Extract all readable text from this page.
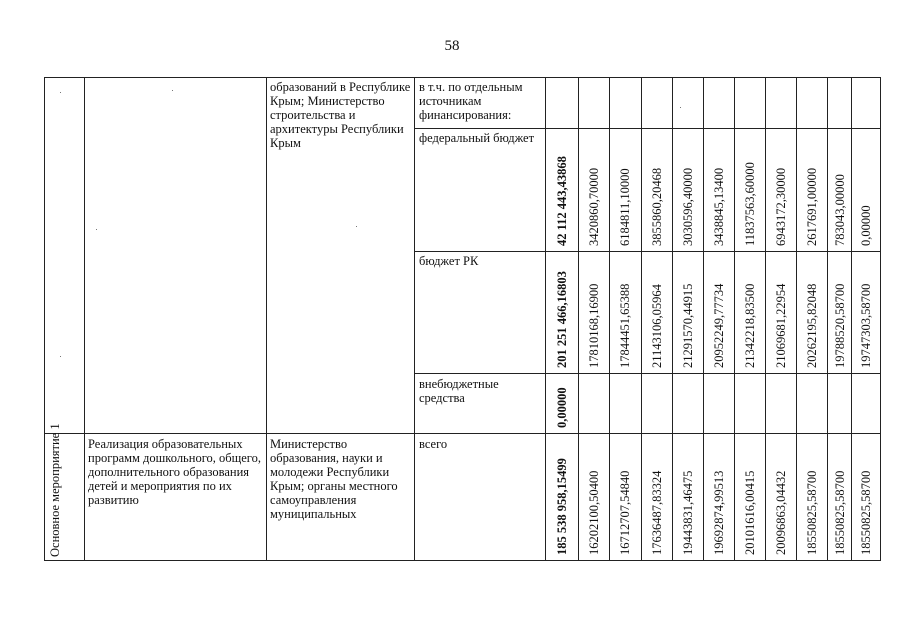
58
образований в Республике Крым; Министерство строительства и архитектуры Республики Крым
в т.ч. по отдельным источникам финансирования:
федеральный бюджет
бюджет РК
внебюджетные средства
Основное мероприятие 1 Реализация образовательных программ дошкольного, общего, дополнительного образования детей и мероприятия по их развитию
Министерство образования, науки и молодежи Республики Крым; органы местного самоуправления муниципальных
всего
42 112 443,43868 3420860,70000 6184811,10000 3855860,20468 3030596,40000 3438845,13400 11837563,60000 6943172,30000 2617691,00000 783043,00000 0,00000
201 251 466,16803 17810168,16900 17844451,65388 21143106,05964 21291570,44915 20952249,77734 21342218,83500 21069681,22954 20262195,82048 19788520,58700 19747303,58700
0,00000
185 538 958,15499 16202100,50400 16712707,54840 17636487,83324 19443831,46475 19692874,99513 20101616,00415 20096863,04432 18550825,58700 18550825,58700 18550825,58700
